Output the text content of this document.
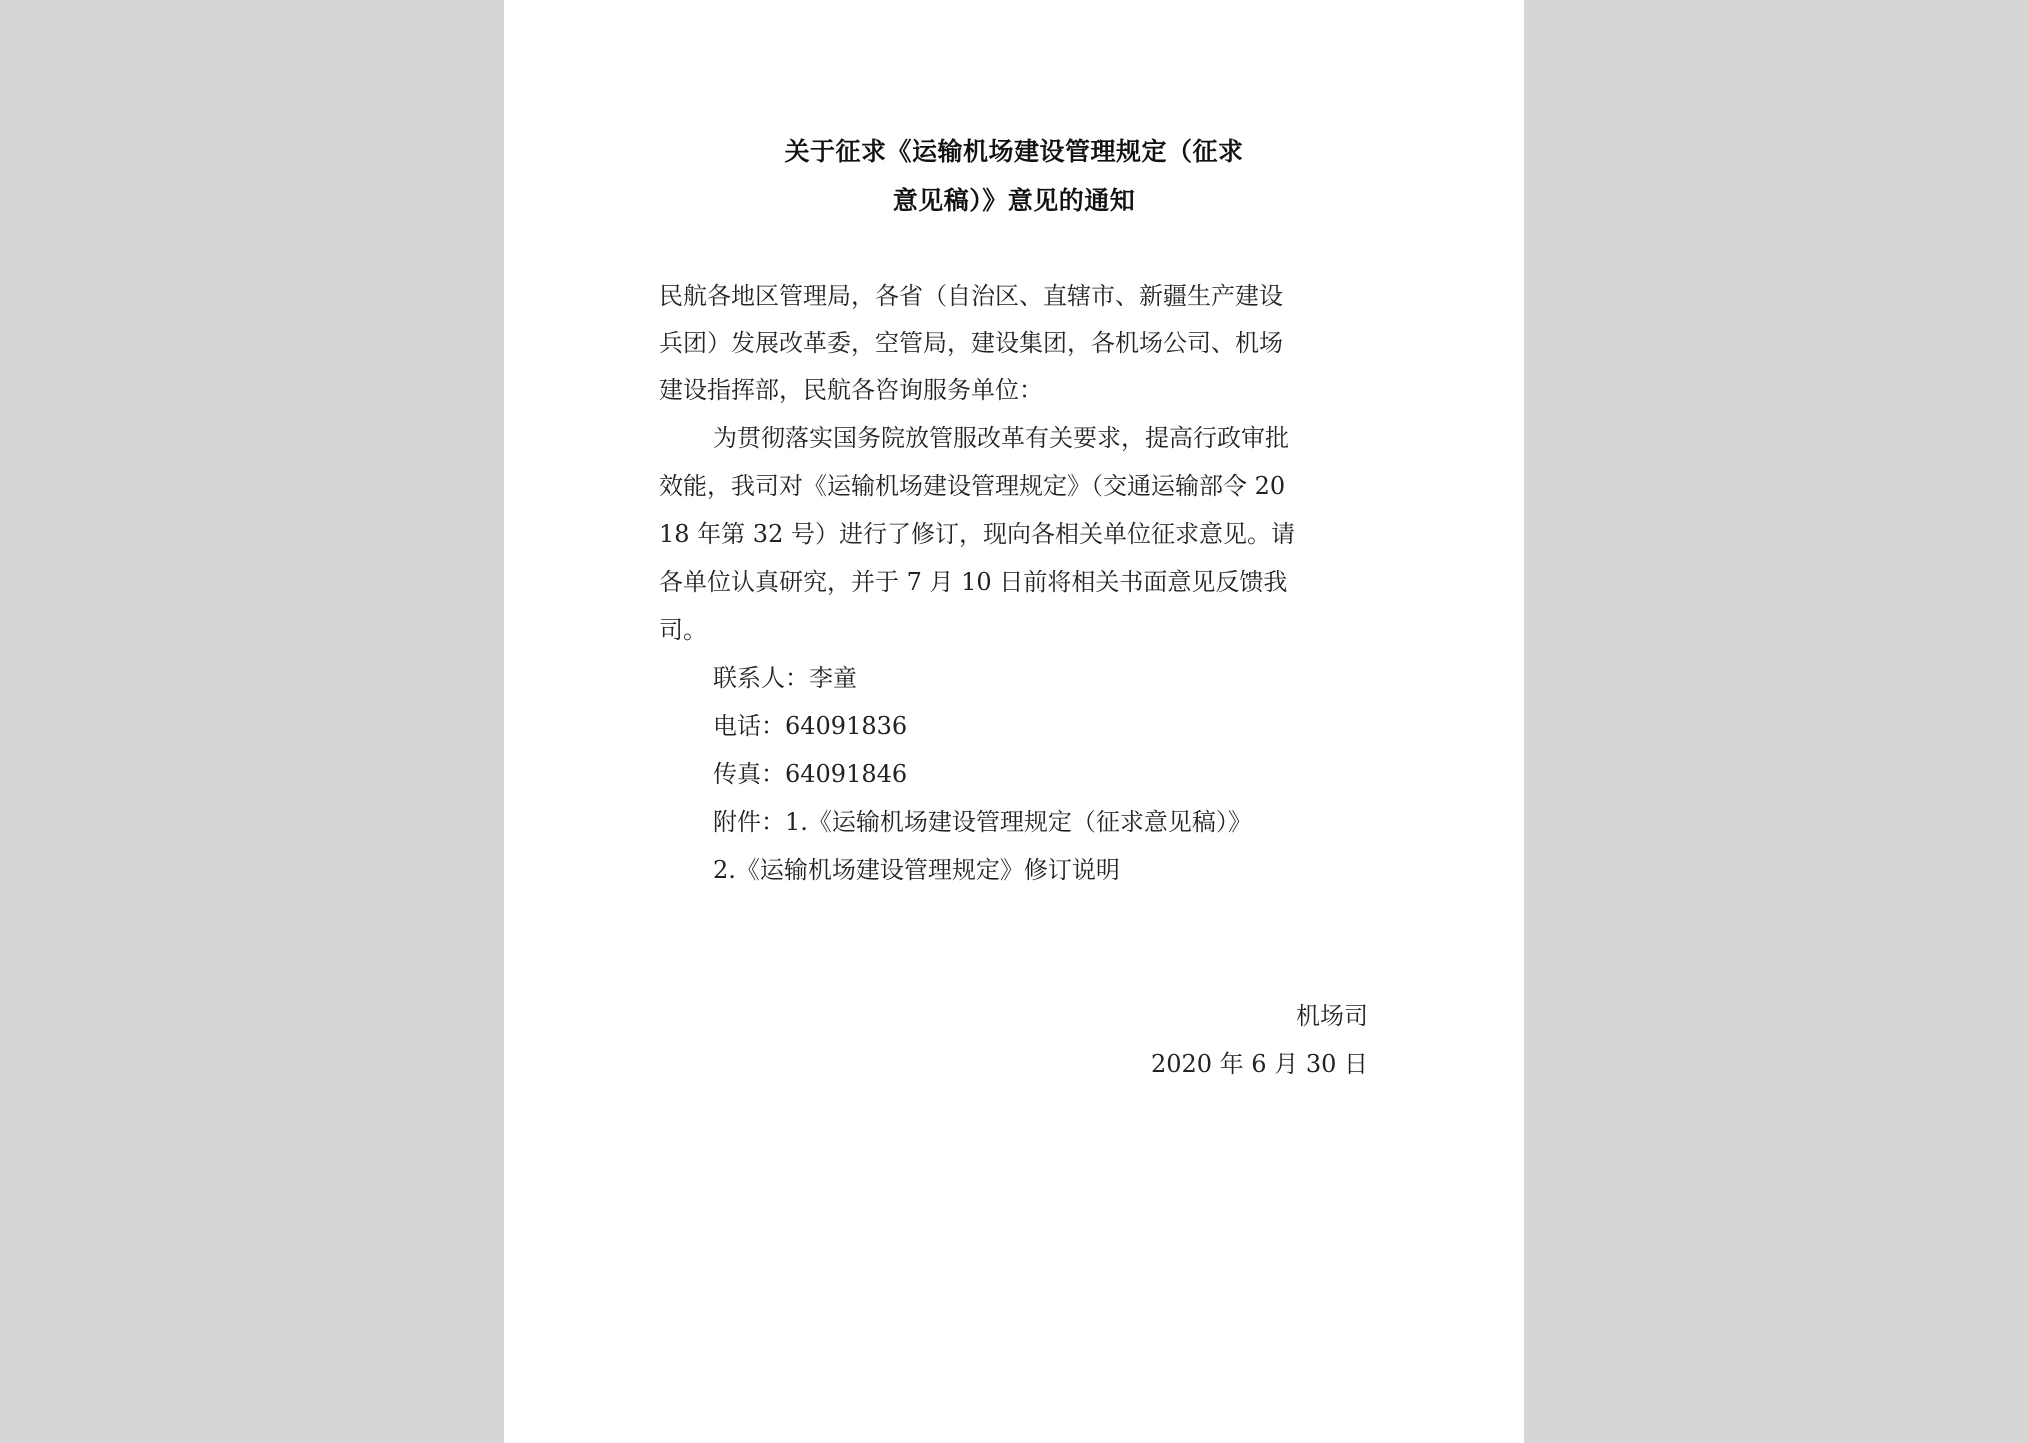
关于征求《运输机场建设管理规定（征求
意见稿）》意见的通知
民航各地区管理局，各省（自治区、直辖市、新疆生产建设
兵团）发展改革委，空管局，建设集团，各机场公司、机场
建设指挥部，民航各咨询服务单位：
为贯彻落实国务院放管服改革有关要求，提高行政审批
效能，我司对《运输机场建设管理规定》（交通运输部令 20
18 年第 32 号）进行了修订，现向各相关单位征求意见。请
各单位认真研究，并于 7 月 10 日前将相关书面意见反馈我
司。
联系人：李童
电话：64091836
传真：64091846
附件：1.《运输机场建设管理规定（征求意见稿）》
2.《运输机场建设管理规定》修订说明
机场司
2020 年 6 月 30 日
